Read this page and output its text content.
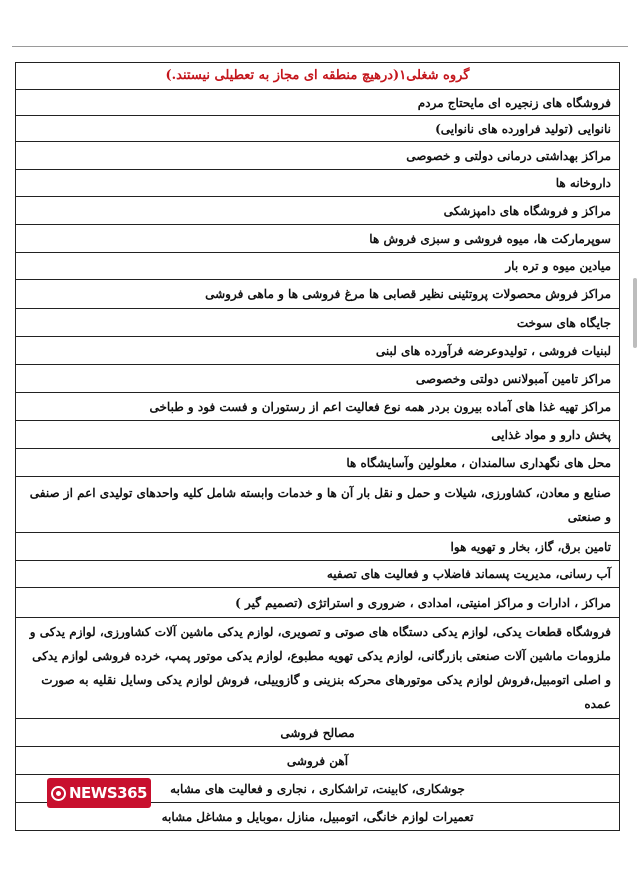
گروه شغلی۱(درهیچ منطقه ای مجاز به تعطیلی نیستند.)
فروشگاه های زنجیره ای مایحتاج مردم
نانوایی (تولید فراورده های نانوایی)
مراکز بهداشتی درمانی دولتی و خصوصی
داروخانه ها
مراکز و فروشگاه های دامپزشکی
سوپرمارکت ها، میوه فروشی و سبزی فروش ها
میادین میوه و تره بار
مراکز فروش محصولات پروتئینی نظیر قصابی ها مرغ فروشی ها و ماهی فروشی
جایگاه های سوخت
لبنیات فروشی ، تولیدوعرضه فرآورده های لبنی
مراکز تامین آمبولانس دولتی وخصوصی
مراکز تهیه غذا های آماده بیرون بردر همه نوع فعالیت اعم از رستوران و فست فود و طباخی
پخش دارو و مواد غذایی
محل های نگهداری سالمندان ، معلولین وآسایشگاه ها
صنایع و معادن، کشاورزی، شیلات و حمل و نقل بار آن ها و خدمات وابسته شامل کلیه واحدهای تولیدی اعم از صنفی و صنعتی
تامین برق، گاز، بخار و تهویه هوا
آب رسانی، مدیریت پسماند فاضلاب و فعالیت های تصفیه
مراکز ، ادارات و مراکز امنیتی، امدادی ، ضروری و استراتژی (تصمیم گیر )
فروشگاه قطعات یدکی، لوازم یدکی دستگاه های صوتی و تصویری، لوازم یدکی ماشین آلات کشاورزی، لوازم یدکی و ملزومات ماشین آلات صنعتی بازرگانی، لوازم یدکی تهویه مطبوع، لوازم یدکی موتور پمپ، خرده فروشی لوازم یدکی و اصلی اتومبیل،فروش لوازم یدکی موتورهای محرکه بنزینی و گازوییلی، فروش لوازم یدکی وسایل نقلیه به صورت عمده
مصالح فروشی
آهن فروشی
جوشکاری، کابینت، تراشکاری ، نجاری و فعالیت های مشابه
تعمیرات لوازم خانگی، اتومبیل، منازل ،موبایل و مشاغل مشابه
NEWS365
